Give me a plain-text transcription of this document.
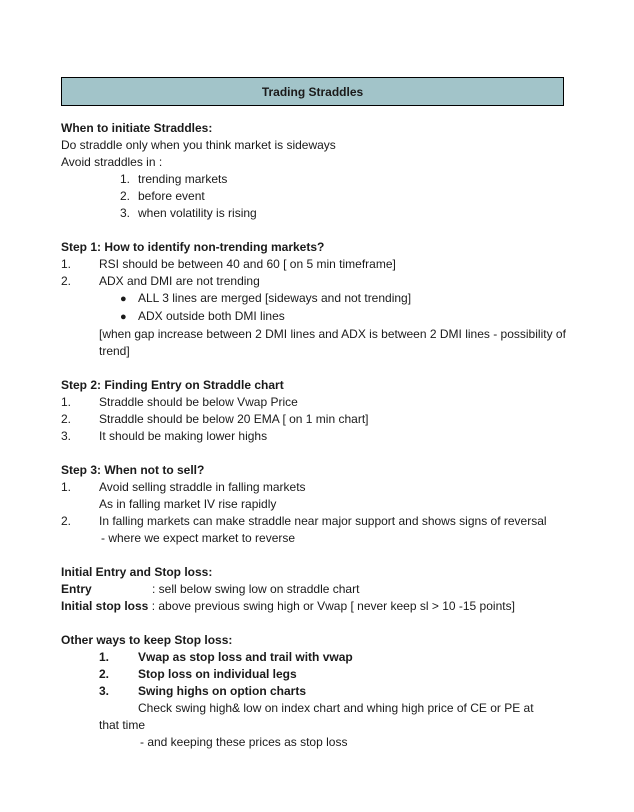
Trading Straddles
When to initiate Straddles:
Do straddle only when you think market is sideways
Avoid straddles in :
1. trending markets
2. before event
3. when volatility is rising
Step 1: How to identify non-trending markets?
1. RSI should be between 40 and 60 [ on 5 min timeframe]
2. ADX and DMI are not trending
● ALL 3 lines are merged [sideways and not trending]
● ADX outside both DMI lines
[when gap increase between 2 DMI lines and ADX is between 2 DMI lines - possibility of trend]
Step 2: Finding Entry on Straddle chart
1. Straddle should be below Vwap Price
2. Straddle should be below 20 EMA [ on 1 min chart]
3. It should be making lower highs
Step 3: When not to sell?
1. Avoid selling straddle in falling markets
As in falling market IV rise rapidly
2. In falling markets can make straddle near major support and shows signs of reversal
- where we expect market to reverse
Initial Entry and Stop loss:
Entry	: sell below swing low on straddle chart
Initial stop loss : above previous swing high or Vwap [ never keep sl > 10 -15 points]
Other ways to keep Stop loss:
1. Vwap as stop loss and trail with vwap
2. Stop loss on individual legs
3. Swing highs on option charts
Check swing high& low on index chart and whing high price of CE or PE at
that time
- and keeping these prices as stop loss
